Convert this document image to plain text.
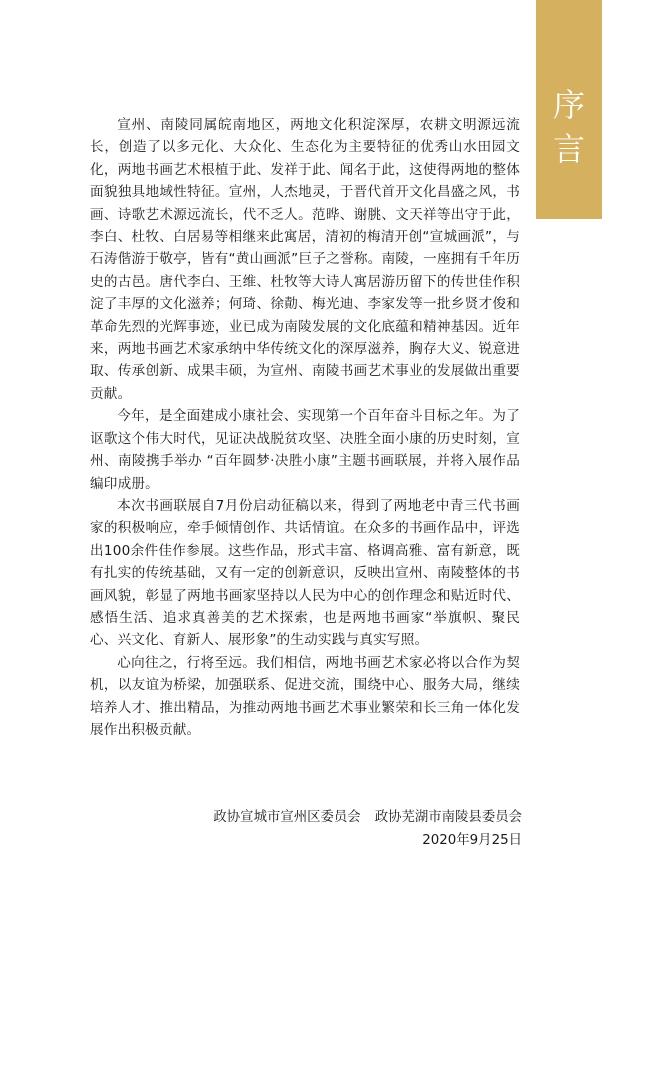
序
言

宣州、南陵同属皖南地区，两地文化积淀深厚，农耕文明源远流长，创造了以多元化、大众化、生态化为主要特征的优秀山水田园文化，两地书画艺术根植于此、发祥于此、闻名于此，这使得两地的整体面貌独具地域性特征。宣州，人杰地灵，于晋代首开文化昌盛之风，书画、诗歌艺术源远流长，代不乏人。范晔、谢朓、文天祥等出守于此，李白、杜牧、白居易等相继来此寓居，清初的梅清开创“宣城画派”，与石涛偕游于敬亭，皆有“黄山画派”巨子之誉称。南陵，一座拥有千年历史的古邑。唐代李白、王维、杜牧等大诗人寓居游历留下的传世佳作积淀了丰厚的文化滋养；何琦、徐勣、梅光迪、李家发等一批乡贤才俊和革命先烈的光辉事迹，业已成为南陵发展的文化底蕴和精神基因。近年来，两地书画艺术家承纳中华传统文化的深厚滋养，胸存大义、锐意进取、传承创新、成果丰硕，为宣州、南陵书画艺术事业的发展做出重要贡献。

今年，是全面建成小康社会、实现第一个百年奋斗目标之年。为了讴歌这个伟大时代，见证决战脱贫攻坚、决胜全面小康的历史时刻，宣州、南陵携手举办 “百年圆梦·决胜小康”主题书画联展，并将入展作品编印成册。

本次书画联展自7月份启动征稿以来，得到了两地老中青三代书画家的积极响应，牵手倾情创作、共话情谊。在众多的书画作品中，评选出100余件佳作参展。这些作品，形式丰富、格调高雅、富有新意，既有扎实的传统基础，又有一定的创新意识，反映出宣州、南陵整体的书画风貌，彰显了两地书画家坚持以人民为中心的创作理念和贴近时代、感悟生活、追求真善美的艺术探索，也是两地书画家“举旗帜、聚民心、兴文化、育新人、展形象”的生动实践与真实写照。

心向往之，行将至远。我们相信，两地书画艺术家必将以合作为契机，以友谊为桥梁，加强联系、促进交流，围绕中心、服务大局，继续培养人才、推出精品，为推动两地书画艺术事业繁荣和长三角一体化发展作出积极贡献。

政协宣城市宣州区委员会 政协芜湖市南陵县委员会
2020年9月25日
